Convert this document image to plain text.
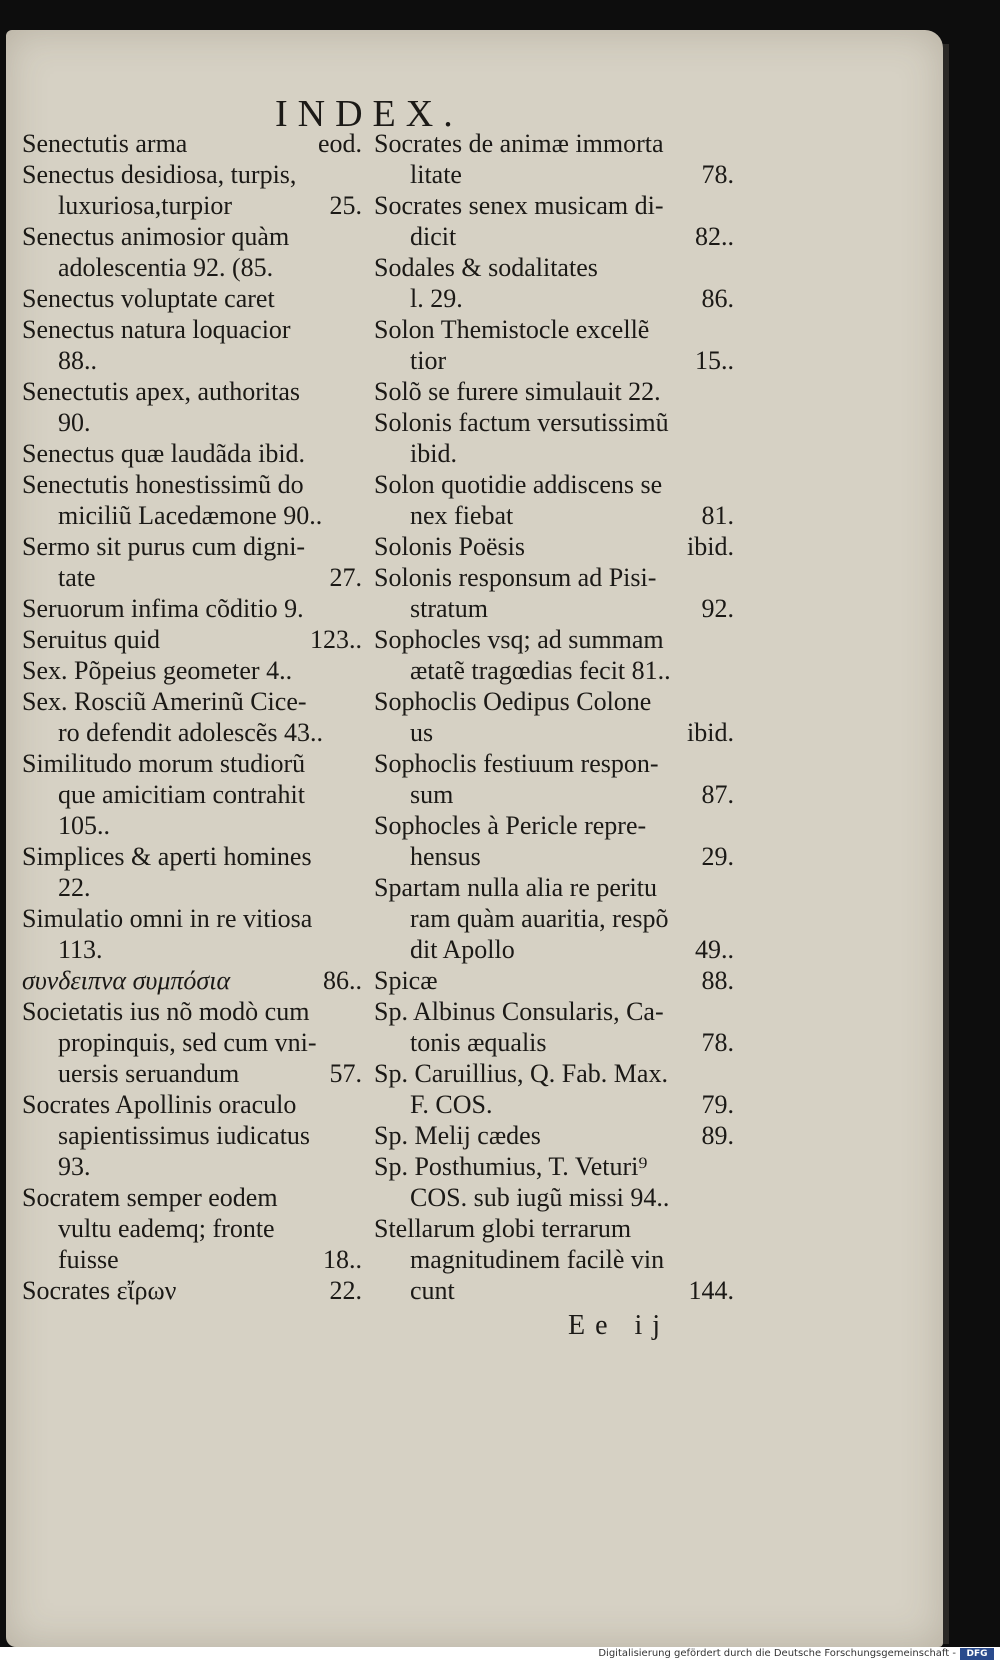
INDEX.
Senectutis arma	eod.
Senectus desidiosa, turpis,
luxuriosa,turpior	25.
Senectus animosior quàm
adolescentia 92. (85.
Senectus voluptate caret
Senectus natura loquacior
88..
Senectutis apex, authoritas
90.
Senectus quæ laudãda ibid.
Senectutis honestissimũ do
miciliũ Lacedæmone 90..
Sermo sit purus cum digni-
tate	27.
Seruorum infima cõditio 9.
Seruitus quid	123..
Sex. Põpeius geometer 4..
Sex. Rosciũ Amerinũ Cice-
ro defendit adolescẽs 43..
Similitudo morum studiorũ
que amicitiam contrahit
105..
Simplices & aperti homines
22.
Simulatio omni in re vitiosa
113.
συνδειπνα συμπόσια	86..
Societatis ius nõ modò cum
propinquis, sed cum vni-
uersis seruandum	57.
Socrates Apollinis oraculo
sapientissimus iudicatus
93.
Socratem semper eodem
vultu eademq; fronte
fuisse	18..
Socrates εἴρων	22.
Socrates de animæ immorta
litate	78.
Socrates senex musicam di-
dicit	82..
Sodales & sodalitates
l. 29.	86.
Solon Themistocle excellẽ
tior	15..
Solõ se furere simulauit 22.
Solonis factum versutissimũ
ibid.
Solon quotidie addiscens se
nex fiebat	81.
Solonis Poësis	ibid.
Solonis responsum ad Pisi-
stratum	92.
Sophocles vsq; ad summam
ætatẽ tragœdias fecit 81..
Sophoclis Oedipus Colone
us	ibid.
Sophoclis festiuum respon-
sum	87.
Sophocles à Pericle repre-
hensus	29.
Spartam nulla alia re peritu
ram quàm auaritia, respõ
dit Apollo	49..
Spicæ	88.
Sp. Albinus Consularis, Ca-
tonis æqualis	78.
Sp. Caruillius, Q. Fab. Max.
F. COS.	79.
Sp. Melij cædes	89.
Sp. Posthumius, T. Veturi⁹
COS. sub iugũ missi 94..
Stellarum globi terrarum
magnitudinem facilè vin
cunt	144.
Ee ij
Digitalisierung gefördert durch die Deutsche Forschungsgemeinschaft -	DFG
